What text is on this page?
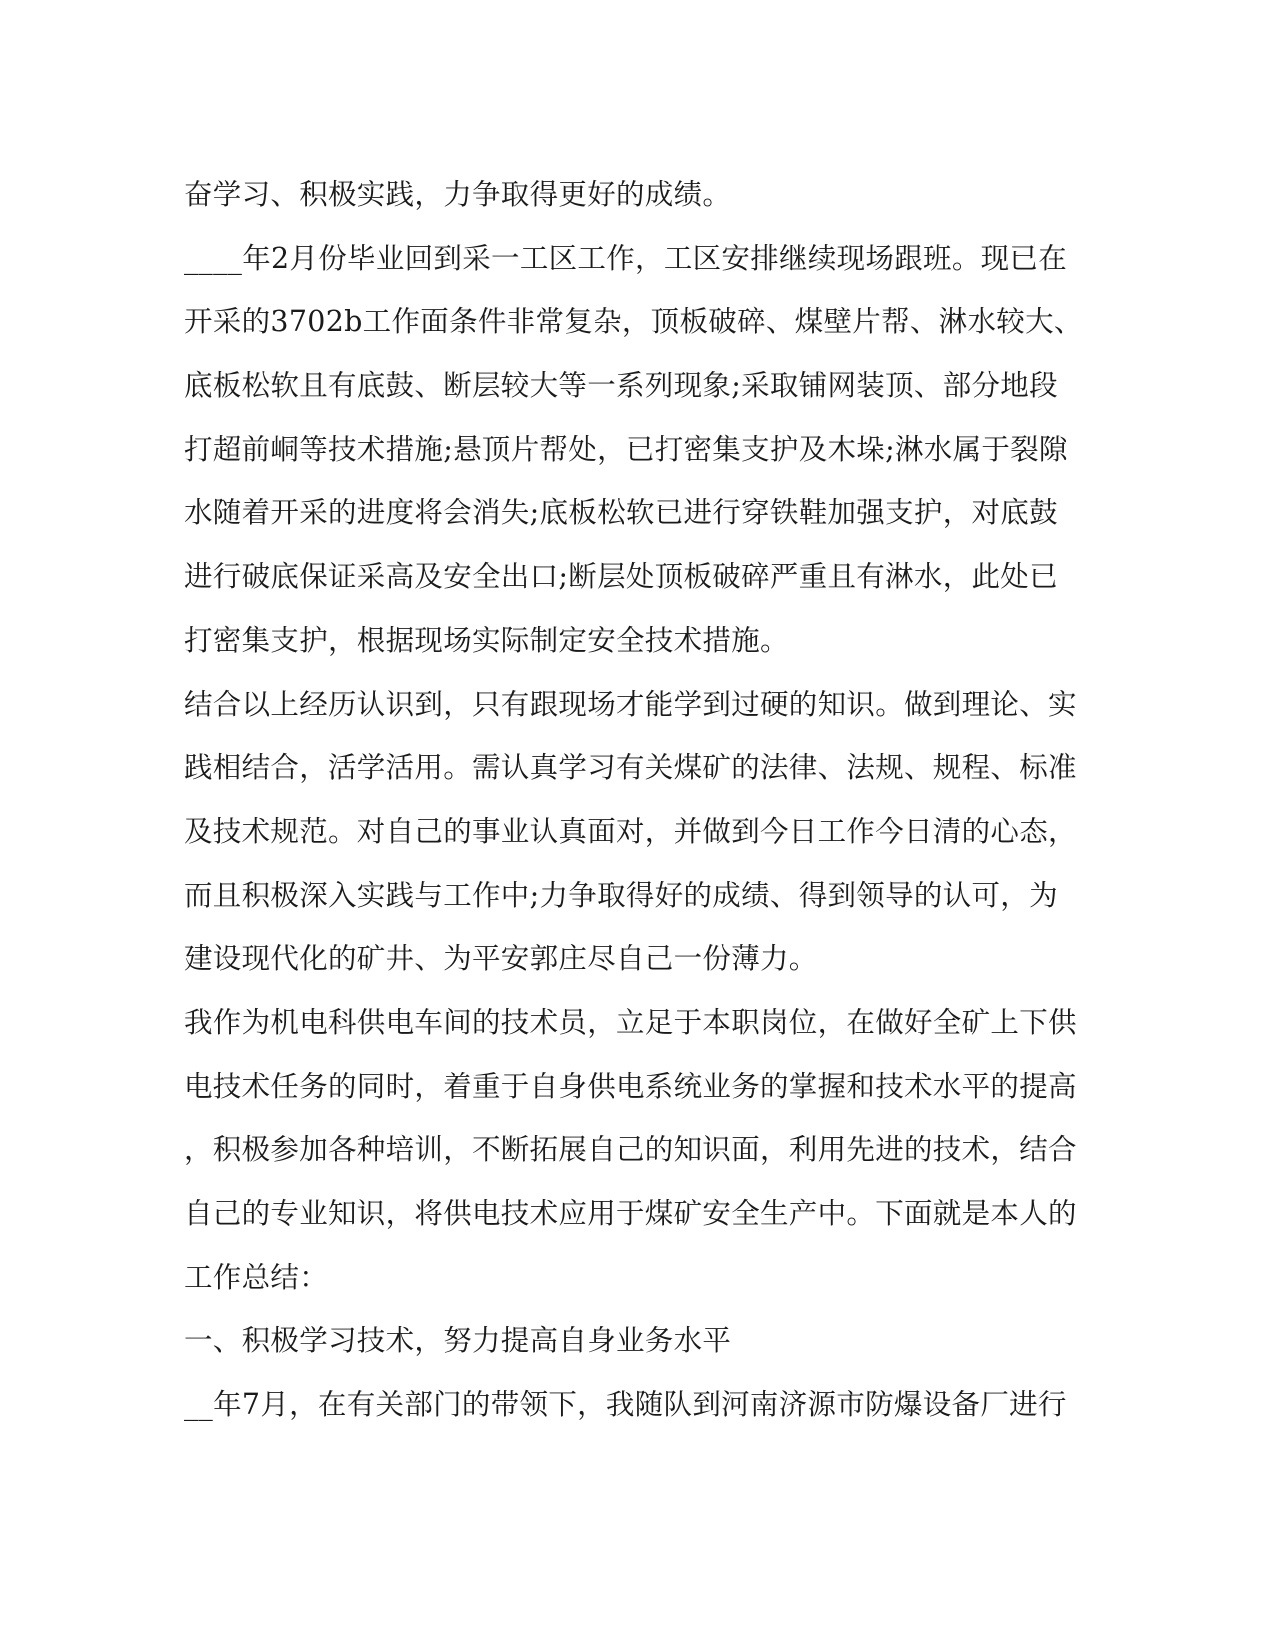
奋学习、积极实践，力争取得更好的成绩。
____年2月份毕业回到采一工区工作，工区安排继续现场跟班。现已在
开采的3702b工作面条件非常复杂，顶板破碎、煤壁片帮、淋水较大、
底板松软且有底鼓、断层较大等一系列现象;采取铺网装顶、部分地段
打超前峒等技术措施;悬顶片帮处，已打密集支护及木垛;淋水属于裂隙
水随着开采的进度将会消失;底板松软已进行穿铁鞋加强支护，对底鼓
进行破底保证采高及安全出口;断层处顶板破碎严重且有淋水，此处已
打密集支护，根据现场实际制定安全技术措施。
结合以上经历认识到，只有跟现场才能学到过硬的知识。做到理论、实
践相结合，活学活用。需认真学习有关煤矿的法律、法规、规程、标准
及技术规范。对自己的事业认真面对，并做到今日工作今日清的心态，
而且积极深入实践与工作中;力争取得好的成绩、得到领导的认可，为
建设现代化的矿井、为平安郭庄尽自己一份薄力。
我作为机电科供电车间的技术员，立足于本职岗位，在做好全矿上下供
电技术任务的同时，着重于自身供电系统业务的掌握和技术水平的提高
，积极参加各种培训，不断拓展自己的知识面，利用先进的技术，结合
自己的专业知识，将供电技术应用于煤矿安全生产中。下面就是本人的
工作总结：
一、积极学习技术，努力提高自身业务水平
__年7月，在有关部门的带领下，我随队到河南济源市防爆设备厂进行
